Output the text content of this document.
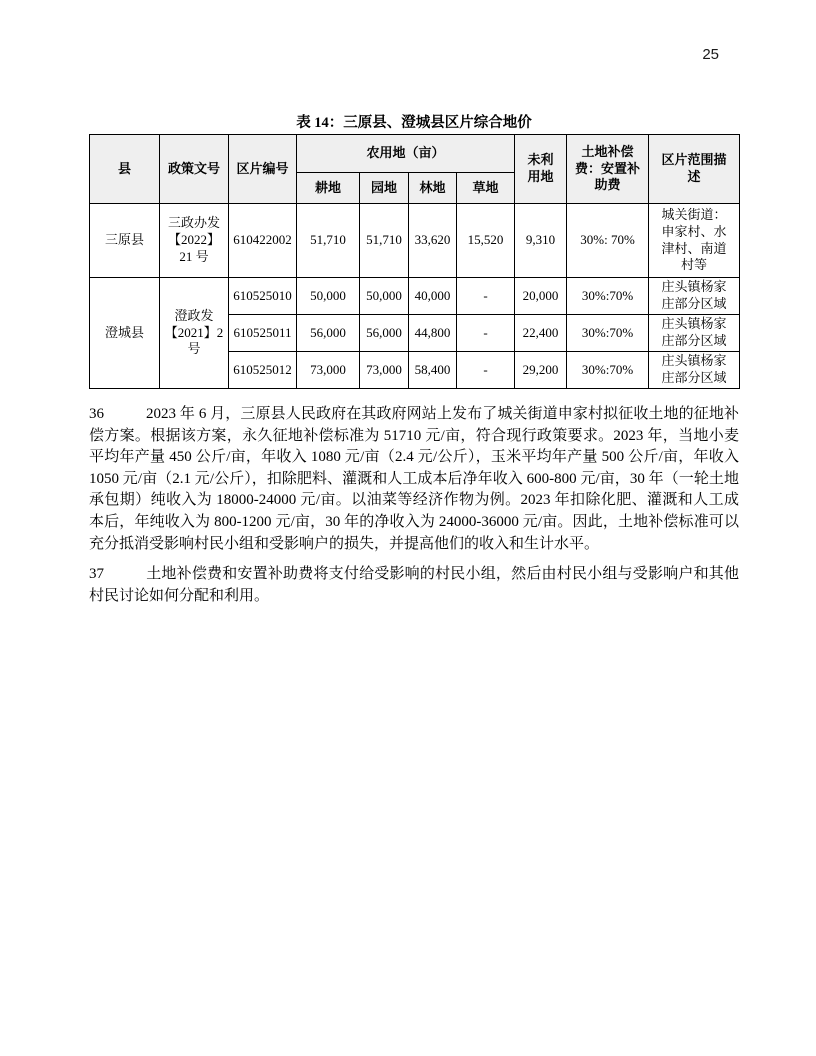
25
表 14：三原县、澄城县区片综合地价
县	政策文号	区片编号	农用地（亩）				未利用地	土地补偿费：安置补助费	区片范围描述
			耕地	园地	林地	草地			
三原县	三政办发【2022】21 号	610422002	51,710	51,710	33,620	15,520	9,310	30%: 70%	城关街道：申家村、水津村、南道村等
澄城县	澄政发【2021】2 号	610525010	50,000	50,000	40,000	-	20,000	30%:70%	庄头镇杨家庄部分区域
		610525011	56,000	56,000	44,800	-	22,400	30%:70%	庄头镇杨家庄部分区域
		610525012	73,000	73,000	58,400	-	29,200	30%:70%	庄头镇杨家庄部分区域

36	2023 年 6 月，三原县人民政府在其政府网站上发布了城关街道申家村拟征收土地的征地补偿方案。根据该方案，永久征地补偿标准为 51710 元/亩，符合现行政策要求。2023 年，当地小麦平均年产量 450 公斤/亩，年收入 1080 元/亩（2.4 元/公斤），玉米平均年产量 500 公斤/亩，年收入 1050 元/亩（2.1 元/公斤），扣除肥料、灌溉和人工成本后净年收入 600-800 元/亩，30 年（一轮土地承包期）纯收入为 18000-24000 元/亩。以油菜等经济作物为例。2023 年扣除化肥、灌溉和人工成本后，年纯收入为 800-1200 元/亩，30 年的净收入为 24000-36000 元/亩。因此，土地补偿标准可以充分抵消受影响村民小组和受影响户的损失，并提高他们的收入和生计水平。

37	土地补偿费和安置补助费将支付给受影响的村民小组，然后由村民小组与受影响户和其他村民讨论如何分配和利用。
